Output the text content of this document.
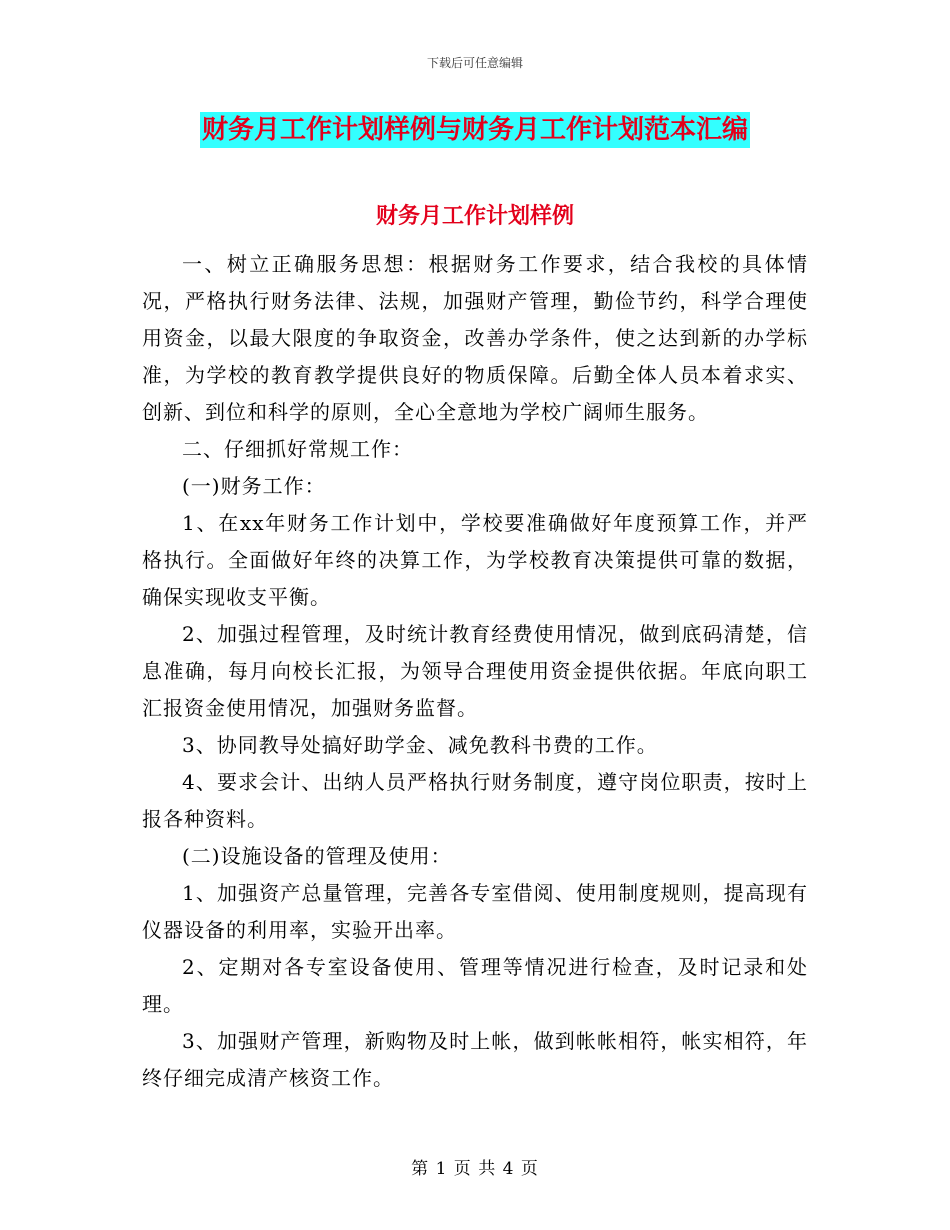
下载后可任意编辑
财务月工作计划样例与财务月工作计划范本汇编
财务月工作计划样例

一、树立正确服务思想：根据财务工作要求，结合我校的具体情况，严格执行财务法律、法规，加强财产管理，勤俭节约，科学合理使用资金，以最大限度的争取资金，改善办学条件，使之达到新的办学标准，为学校的教育教学提供良好的物质保障。后勤全体人员本着求实、创新、到位和科学的原则，全心全意地为学校广阔师生服务。

二、仔细抓好常规工作：

(一)财务工作：

1、在xx年财务工作计划中，学校要准确做好年度预算工作，并严格执行。全面做好年终的决算工作，为学校教育决策提供可靠的数据，确保实现收支平衡。

2、加强过程管理，及时统计教育经费使用情况，做到底码清楚，信息准确，每月向校长汇报，为领导合理使用资金提供依据。年底向职工汇报资金使用情况，加强财务监督。

3、协同教导处搞好助学金、减免教科书费的工作。

4、要求会计、出纳人员严格执行财务制度，遵守岗位职责，按时上报各种资料。

(二)设施设备的管理及使用：

1、加强资产总量管理，完善各专室借阅、使用制度规则，提高现有仪器设备的利用率，实验开出率。

2、定期对各专室设备使用、管理等情况进行检查，及时记录和处理。

3、加强财产管理，新购物及时上帐，做到帐帐相符，帐实相符，年终仔细完成清产核资工作。

第 1 页 共 4 页
